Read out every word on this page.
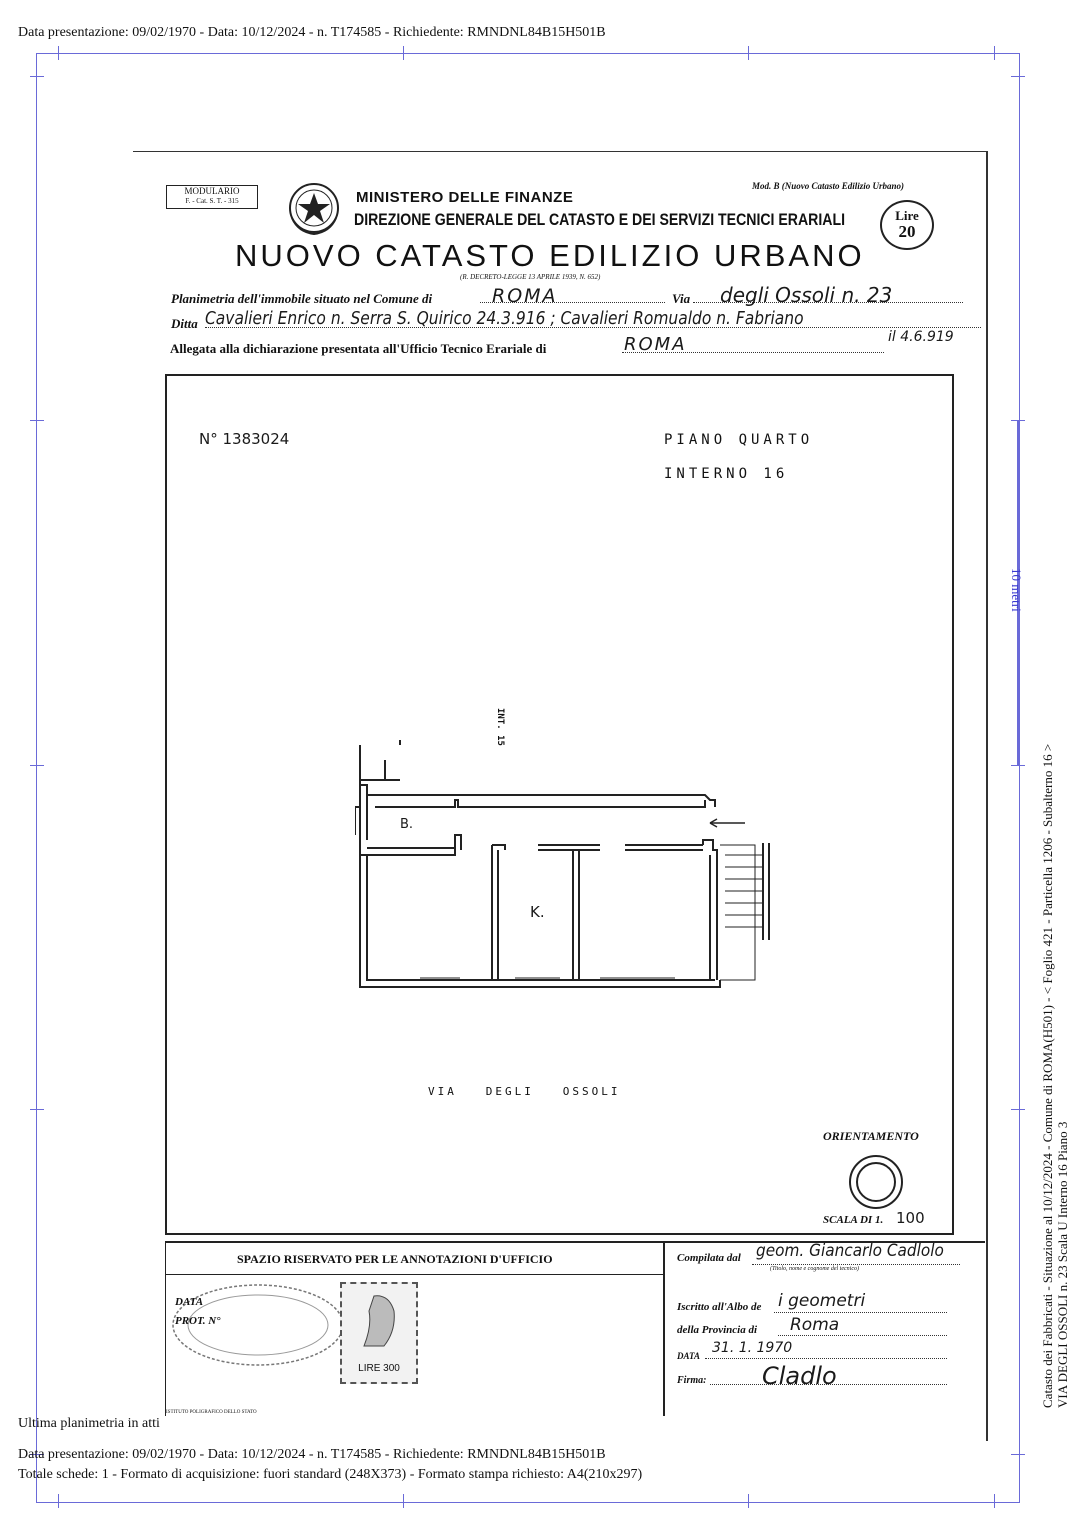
Data presentazione: 09/02/1970 - Data: 10/12/2024 - n. T174585 - Richiedente: RMNDNL84B15H501B
10 metri
MODULARIO
F. - Cat. S. T. - 315	MINISTERO DELLE FINANZE
DIREZIONE GENERALE DEL CATASTO E DEI SERVIZI TECNICI ERARIALI
Mod. B (Nuovo Catasto Edilizio Urbano)
Lire
20
NUOVO CATASTO EDILIZIO URBANO
(R. DECRETO-LEGGE 13 APRILE 1939, N. 652)
Planimetria dell'immobile situato nel Comune di	ROMA	Via degli Ossoli n. 23
Ditta Cavalieri Enrico n. Serra S. Quirico 24.3.916 ; Cavalieri Romualdo n. Fabriano
il 4.6.919
Allegata alla dichiarazione presentata all'Ufficio Tecnico Erariale di	ROMA
N° 1383024	PIANO QUARTO
INTERNO 16
INT. 15
B.
K.
VIA   DEGLI   OSSOLI
ORIENTAMENTO
SCALA DI 1. 100
SPAZIO RISERVATO PER LE ANNOTAZIONI D'UFFICIO
DATA
PROT. N°
LIRE 300
ISTITUTO POLIGRAFICO DELLO STATO
Compilata dal geom. Giancarlo Cadlolo
(Titolo, nome e cognome del tecnico)
Iscritto all'Albo de i geometri
della Provincia di Roma
DATA 31. 1. 1970
Firma: Cladlo	Catasto dei Fabbricati - Situazione al 10/12/2024 - Comune di ROMA(H501) - < Foglio 421 - Particella 1206 - Subalterno 16 > VIA DEGLI OSSOLI n. 23 Scala U Interno 16 Piano 3
Ultima planimetria in atti
Data presentazione: 09/02/1970 - Data: 10/12/2024 - n. T174585 - Richiedente: RMNDNL84B15H501B
Totale schede: 1 - Formato di acquisizione: fuori standard (248X373) - Formato stampa richiesto: A4(210x297)
